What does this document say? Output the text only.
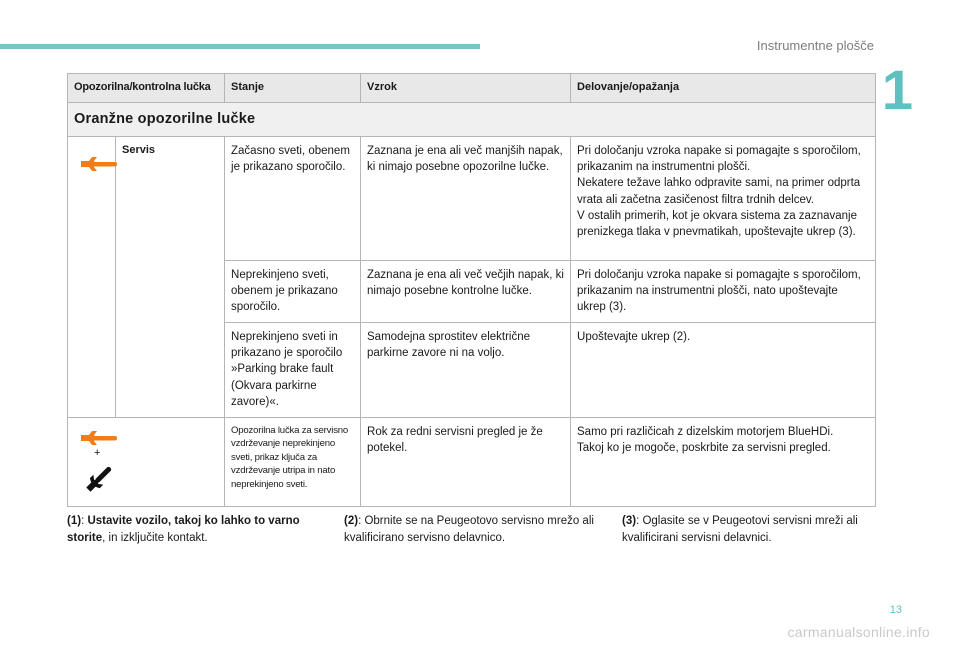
Instrumentne plošče
1
Opozorilna/kontrolna lučka		Stanje	Vzrok	Delovanje/opažanja
Oranžne opozorilne lučke				

	Servis	Začasno sveti, obenem je prikazano sporočilo.	Zaznana je ena ali več manjših napak, ki nimajo posebne opozorilne lučke.	Pri določanju vzroka napake si pomagajte s sporočilom, prikazanim na instrumentni plošči.
Nekatere težave lahko odpravite sami, na primer odprta vrata ali začetna zasičenost filtra trdnih delcev.
V ostalih primerih, kot je okvara sistema za zaznavanje prenizkega tlaka v pnevmatikah, upoštevajte ukrep (3).
		Neprekinjeno sveti, obenem je prikazano sporočilo.	Zaznana je ena ali več večjih napak, ki nimajo posebne kontrolne lučke.	Pri določanju vzroka napake si pomagajte s sporočilom, prikazanim na instrumentni plošči, nato upoštevajte ukrep (3).
		Neprekinjeno sveti in prikazano je sporočilo »Parking brake fault (Okvara parkirne zavore)«.	Samodejna sprostitev električne parkirne zavore ni na voljo.	Upoštevajte ukrep (2).

+		Opozorilna lučka za servisno vzdrževanje neprekinjeno sveti, prikaz ključa za vzdrževanje utripa in nato neprekinjeno sveti.	Rok za redni servisni pregled je že potekel.	Samo pri različicah z dizelskim motorjem BlueHDi.
Takoj ko je mogoče, poskrbite za servisni pregled.
(1): Ustavite vozilo, takoj ko lahko to varno storite, in izključite kontakt.
(2): Obrnite se na Peugeotovo servisno mrežo ali kvalificirano servisno delavnico.
(3): Oglasite se v Peugeotovi servisni mreži ali kvalificirani servisni delavnici.
13
carmanualsonline.info
